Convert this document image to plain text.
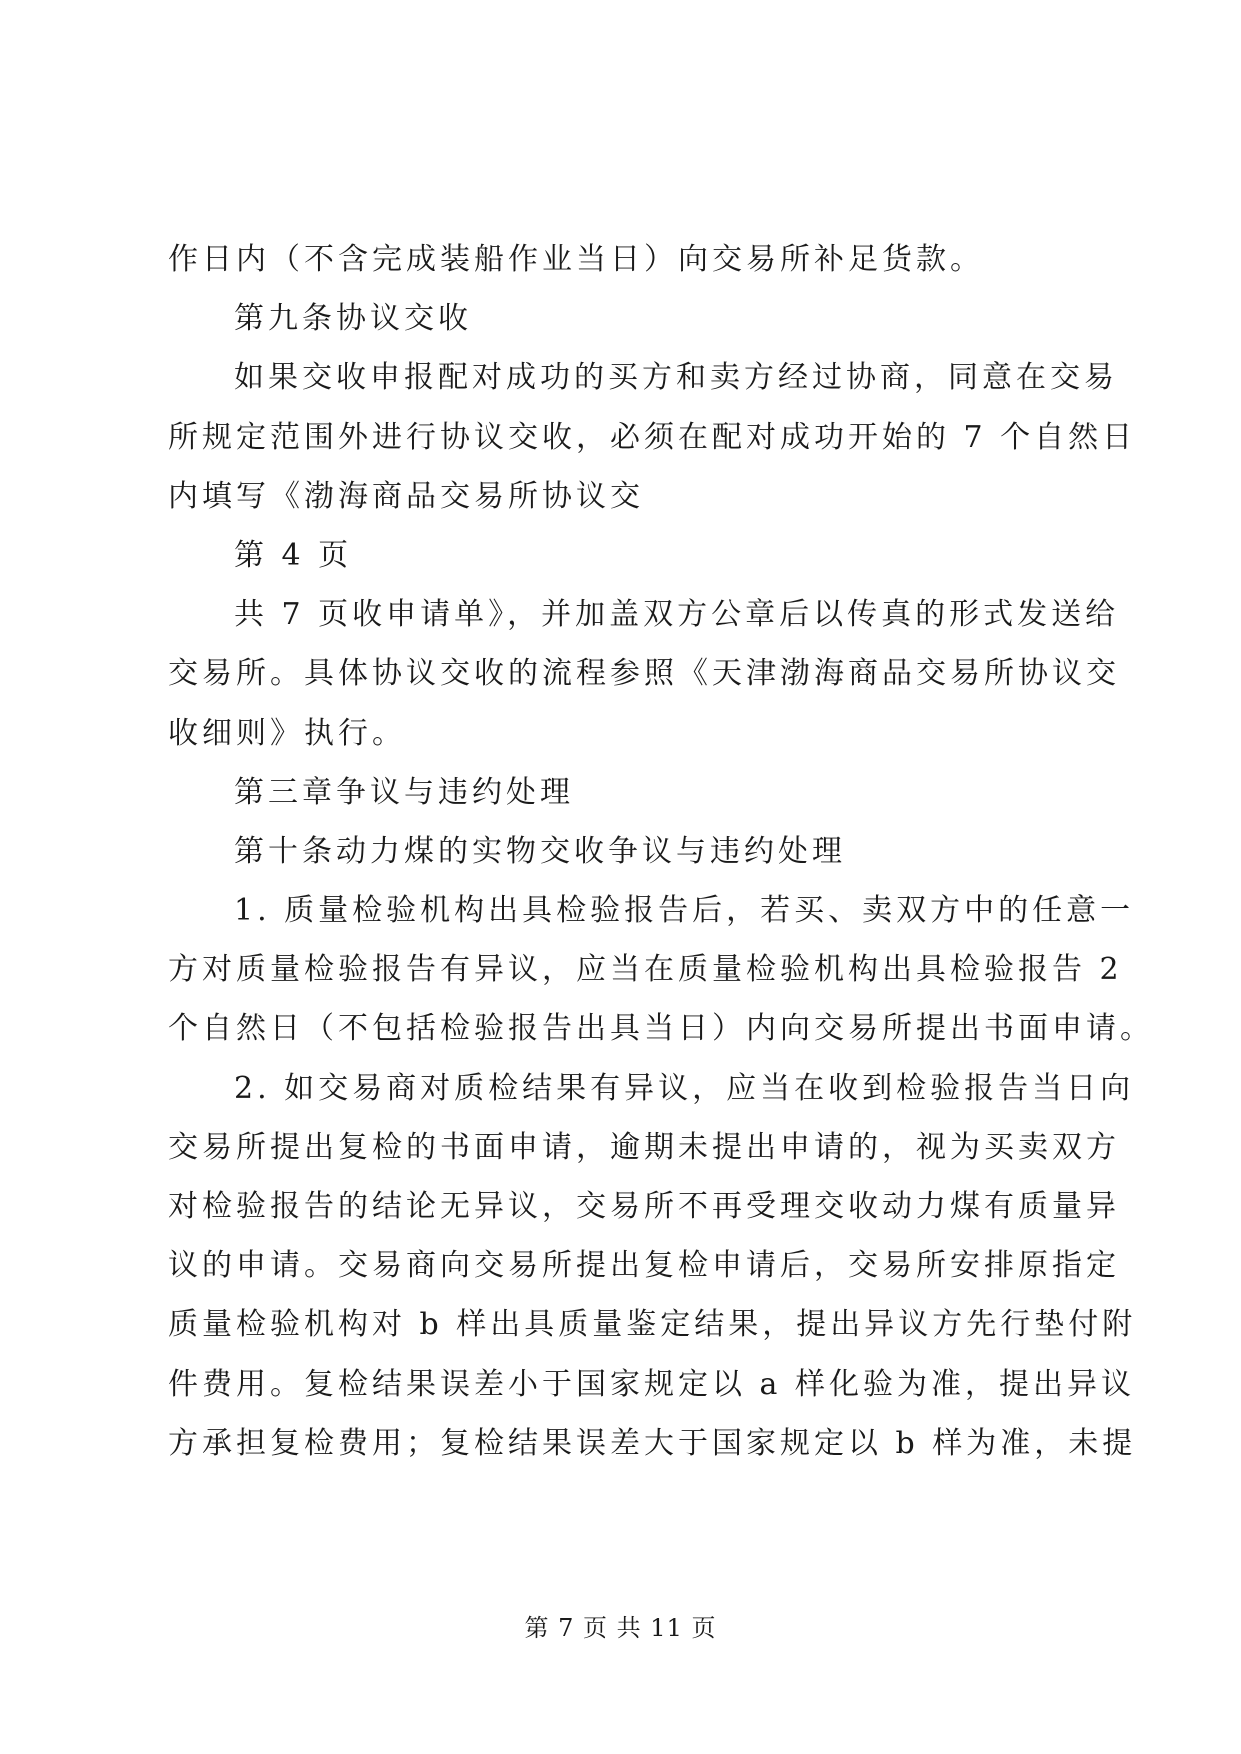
作日内（不含完成装船作业当日）向交易所补足货款。
第九条协议交收
如果交收申报配对成功的买方和卖方经过协商，同意在交易
所规定范围外进行协议交收，必须在配对成功开始的 7 个自然日
内填写《渤海商品交易所协议交
第 4 页
共 7 页收申请单》，并加盖双方公章后以传真的形式发送给
交易所。具体协议交收的流程参照《天津渤海商品交易所协议交
收细则》执行。
第三章争议与违约处理
第十条动力煤的实物交收争议与违约处理
1. 质量检验机构出具检验报告后，若买、卖双方中的任意一
方对质量检验报告有异议，应当在质量检验机构出具检验报告 2
个自然日（不包括检验报告出具当日）内向交易所提出书面申请。
2. 如交易商对质检结果有异议，应当在收到检验报告当日向
交易所提出复检的书面申请，逾期未提出申请的，视为买卖双方
对检验报告的结论无异议，交易所不再受理交收动力煤有质量异
议的申请。交易商向交易所提出复检申请后，交易所安排原指定
质量检验机构对 b 样出具质量鉴定结果，提出异议方先行垫付附
件费用。复检结果误差小于国家规定以 a 样化验为准，提出异议
方承担复检费用；复检结果误差大于国家规定以 b 样为准，未提
第 7 页 共 11 页
